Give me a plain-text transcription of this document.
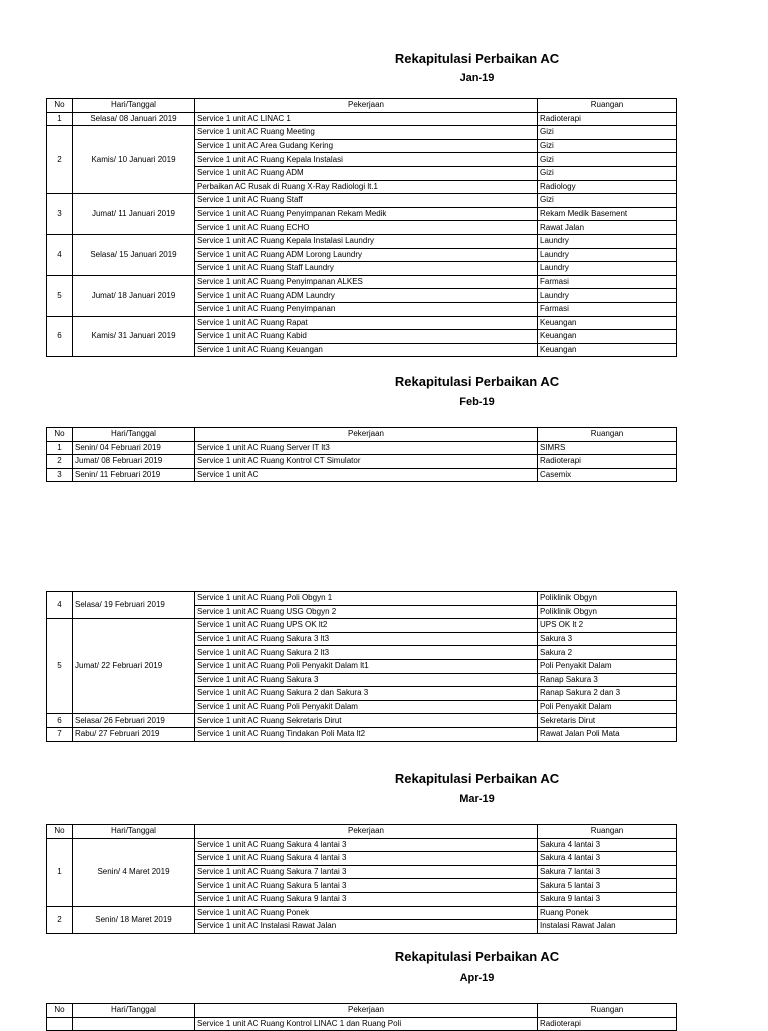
Rekapitulasi Perbaikan AC
Jan-19
No	Hari/Tanggal	Pekerjaan	Ruangan
1	Selasa/ 08 Januari 2019	Service 1 unit AC LINAC 1	Radioterapi
2	Kamis/ 10 Januari 2019	Service 1 unit AC Ruang Meeting	Gizi
		Service 1 unit AC Area Gudang Kering	Gizi
		Service 1 unit AC Ruang Kepala Instalasi	Gizi
		Service 1 unit AC Ruang ADM	Gizi
		Perbaikan AC Rusak di Ruang X-Ray Radiologi lt.1	Radiology
3	Jumat/ 11 Januari 2019	Service 1 unit AC Ruang Staff	Gizi
		Service 1 unit AC Ruang Penyimpanan Rekam Medik	Rekam Medik Basement
		Service 1 unit AC Ruang ECHO	Rawat Jalan
4	Selasa/ 15 Januari 2019	Service 1 unit AC Ruang Kepala Instalasi Laundry	Laundry
		Service 1 unit AC Ruang ADM Lorong Laundry	Laundry
		Service 1 unit AC Ruang Staff Laundry	Laundry
5	Jumat/ 18 Januari 2019	Service 1 unit AC Ruang Penyimpanan ALKES	Farmasi
		Service 1 unit AC Ruang ADM Laundry	Laundry
		Service 1 unit AC Ruang Penyimpanan	Farmasi
6	Kamis/ 31 Januari 2019	Service 1 unit AC Ruang Rapat	Keuangan
		Service 1 unit AC Ruang Kabid	Keuangan
		Service 1 unit AC Ruang Keuangan	Keuangan
Rekapitulasi Perbaikan AC
Feb-19
No	Hari/Tanggal	Pekerjaan	Ruangan
1	Senin/ 04 Februari 2019	Service 1 unit AC Ruang Server IT lt3	SIMRS
2	Jumat/ 08 Februari 2019	Service 1 unit AC Ruang Kontrol CT Simulator	Radioterapi
3	Senin/ 11 Februari 2019	Service 1 unit AC	Casemix
4	Selasa/ 19 Februari 2019	Service 1 unit AC Ruang Poli Obgyn 1	Poliklinik Obgyn
		Service 1 unit AC Ruang USG Obgyn 2	Poliklinik Obgyn
5	Jumat/ 22 Februari 2019	Service 1 unit AC Ruang UPS OK lt2	UPS OK lt 2
		Service 1 unit AC Ruang Sakura 3 lt3	Sakura 3
		Service 1 unit AC Ruang Sakura 2 lt3	Sakura 2
		Service 1 unit AC Ruang Poli Penyakit Dalam lt1	Poli Penyakit Dalam
		Service 1 unit AC Ruang Sakura 3	Ranap Sakura 3
		Service 1 unit AC Ruang Sakura 2 dan Sakura 3	Ranap Sakura 2 dan 3
		Service 1 unit AC Ruang Poli Penyakit Dalam	Poli Penyakit Dalam
6	Selasa/ 26 Februari 2019	Service 1 unit AC Ruang Sekretaris Dirut	Sekretaris Dirut
7	Rabu/ 27 Februari 2019	Service 1 unit AC Ruang Tindakan Poli Mata lt2	Rawat Jalan Poli Mata
Rekapitulasi Perbaikan AC
Mar-19
No	Hari/Tanggal	Pekerjaan	Ruangan
1	Senin/ 4 Maret 2019	Service 1 unit AC Ruang Sakura 4 lantai 3	Sakura 4 lantai 3
		Service 1 unit AC Ruang Sakura 4 lantai 3	Sakura 4 lantai 3
		Service 1 unit AC Ruang Sakura 7 lantai 3	Sakura 7 lantai 3
		Service 1 unit AC Ruang Sakura 5 lantai 3	Sakura 5 lantai 3
		Service 1 unit AC Ruang Sakura 9 lantai 3	Sakura 9 lantai 3
2	Senin/ 18 Maret 2019	Service 1 unit AC Ruang Ponek	Ruang Ponek
		Service 1 unit AC Instalasi Rawat Jalan	Instalasi Rawat Jalan
Rekapitulasi Perbaikan AC
Apr-19
No	Hari/Tanggal	Pekerjaan	Ruangan
		Service 1 unit AC Ruang Kontrol LINAC 1 dan Ruang Poli	Radioterapi
